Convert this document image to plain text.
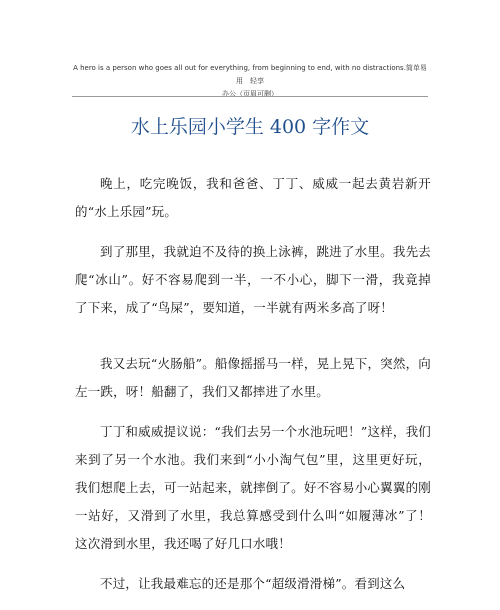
A hero is a person who goes all out for everything, from beginning to end, with no distractions.简单易用　轻享
办公（页眉可删）
水上乐园小学生 400 字作文

晚上，吃完晚饭，我和爸爸、丁丁、威威一起去黄岩新开的“水上乐园”玩。

到了那里，我就迫不及待的换上泳裤，跳进了水里。我先去爬“冰山”。好不容易爬到一半，一不小心，脚下一滑，我竟掉了下来，成了“鸟屎”，要知道，一半就有两米多高了呀！

我又去玩“火肠船”。船像摇摇马一样，晃上晃下，突然，向左一跌，呀！船翻了，我们又都摔进了水里。

丁丁和威威提议说：“我们去另一个水池玩吧！”这样，我们来到了另一个水池。我们来到“小小淘气包”里，这里更好玩，我们想爬上去，可一站起来，就摔倒了。好不容易小心翼翼的刚一站好，又滑到了水里，我总算感受到什么叫“如履薄冰”了！这次滑到水里，我还喝了好几口水哦！

不过，让我最难忘的还是那个“超级滑滑梯”。看到这么
